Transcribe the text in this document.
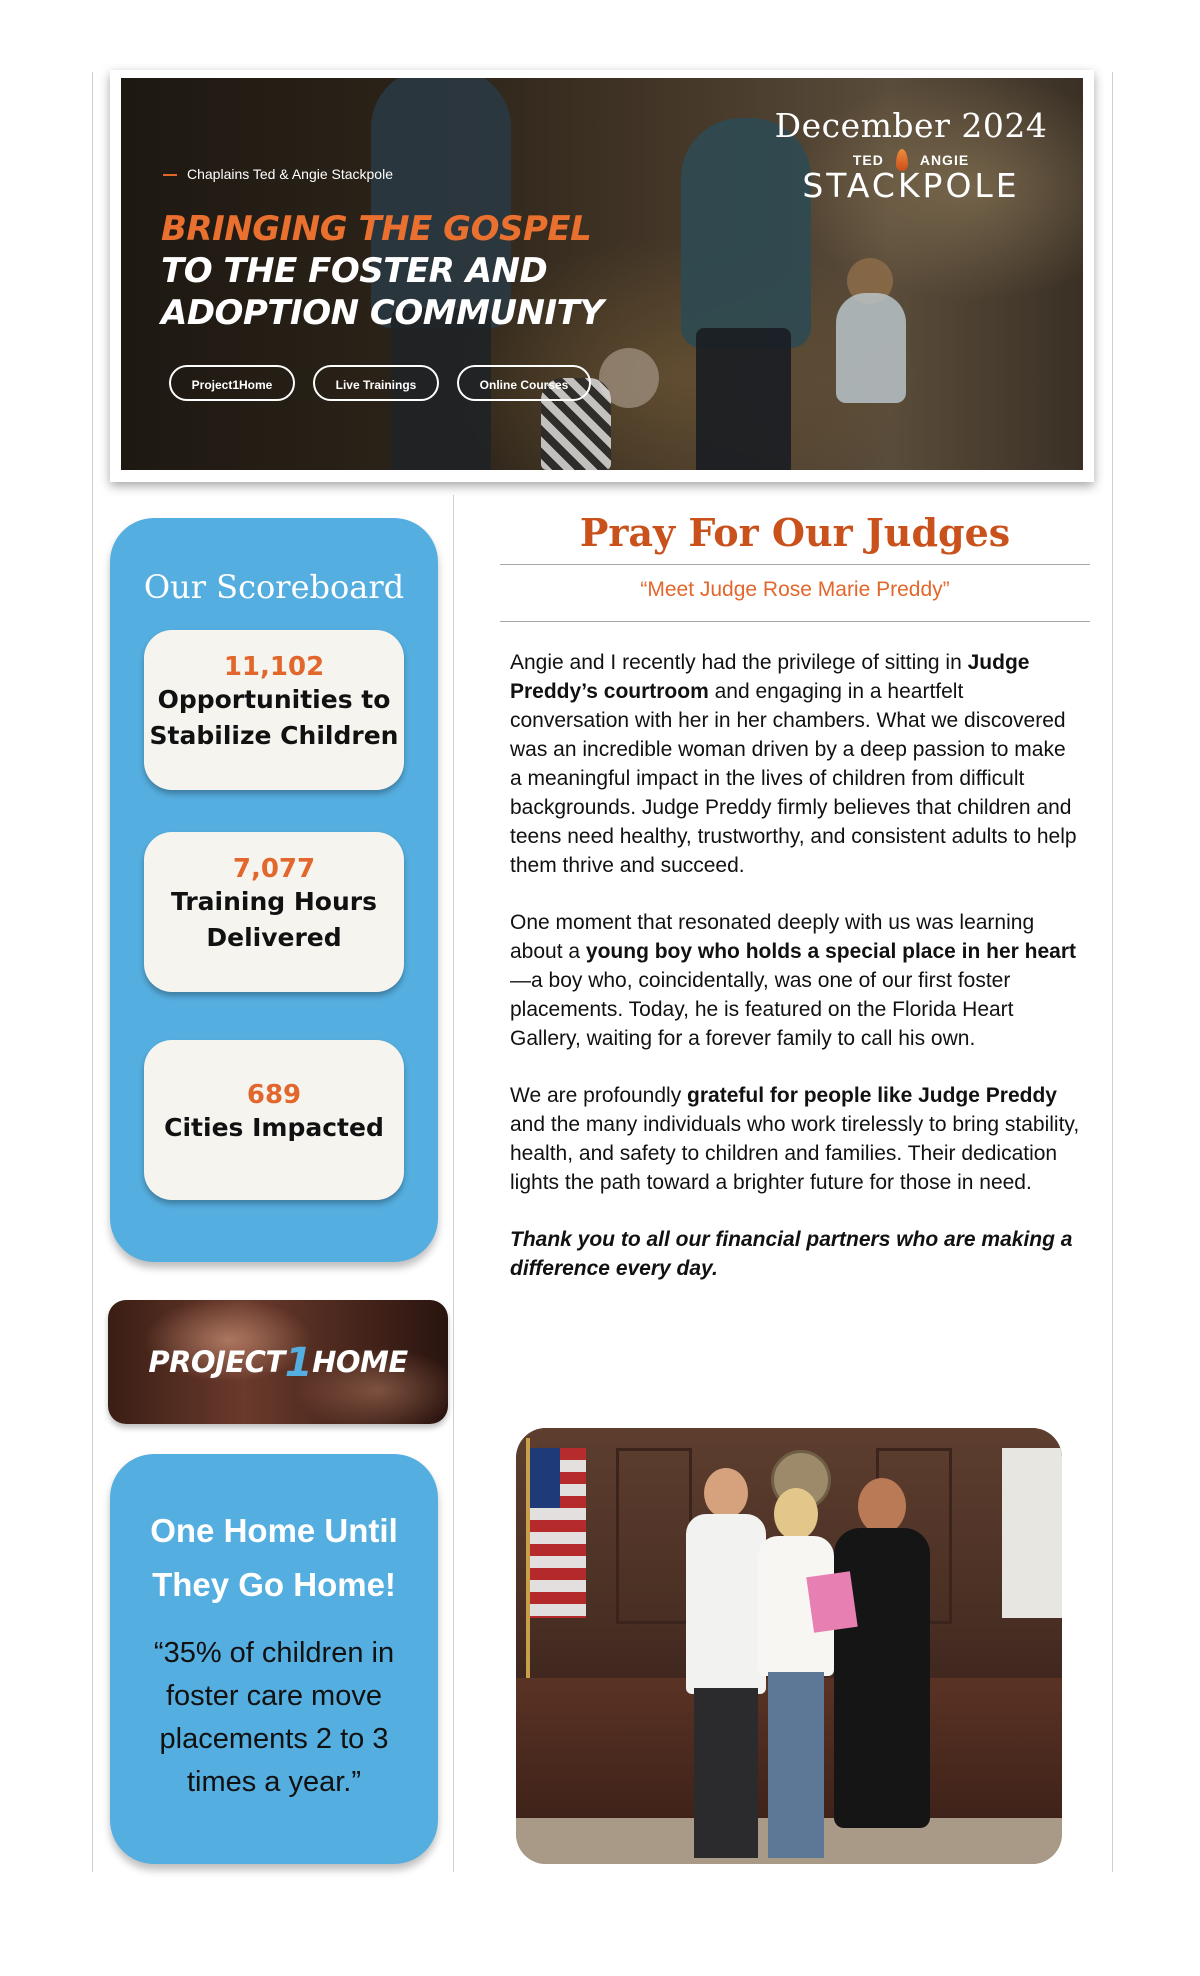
Chaplains Ted & Angie Stackpole
BRINGING THE GOSPEL
TO THE FOSTER AND
ADOPTION COMMUNITY
Project1Home	Live Trainings	Online Courses
December 2024
TED	ANGIE
STACKPOLE
Our Scoreboard
11,102
Opportunities to
Stabilize Children
7,077
Training Hours
Delivered
689
Cities Impacted
PROJECT1HOME
One Home Until
They Go Home!
“35% of children in foster care move placements 2 to 3 times a year.”
Pray For Our Judges
“Meet Judge Rose Marie Preddy”

Angie and I recently had the privilege of sitting in Judge Preddy’s courtroom and engaging in a heartfelt conversation with her in her chambers. What we discovered was an incredible woman driven by a deep passion to make a meaningful impact in the lives of children from difficult backgrounds. Judge Preddy firmly believes that children and teens need healthy, trustworthy, and consistent adults to help them thrive and succeed.

One moment that resonated deeply with us was learning about a young boy who holds a special place in her heart—a boy who, coincidentally, was one of our first foster placements. Today, he is featured on the Florida Heart Gallery, waiting for a forever family to call his own.

We are profoundly grateful for people like Judge Preddy and the many individuals who work tirelessly to bring stability, health, and safety to children and families. Their dedication lights the path toward a brighter future for those in need.

Thank you to all our financial partners who are making a difference every day.
